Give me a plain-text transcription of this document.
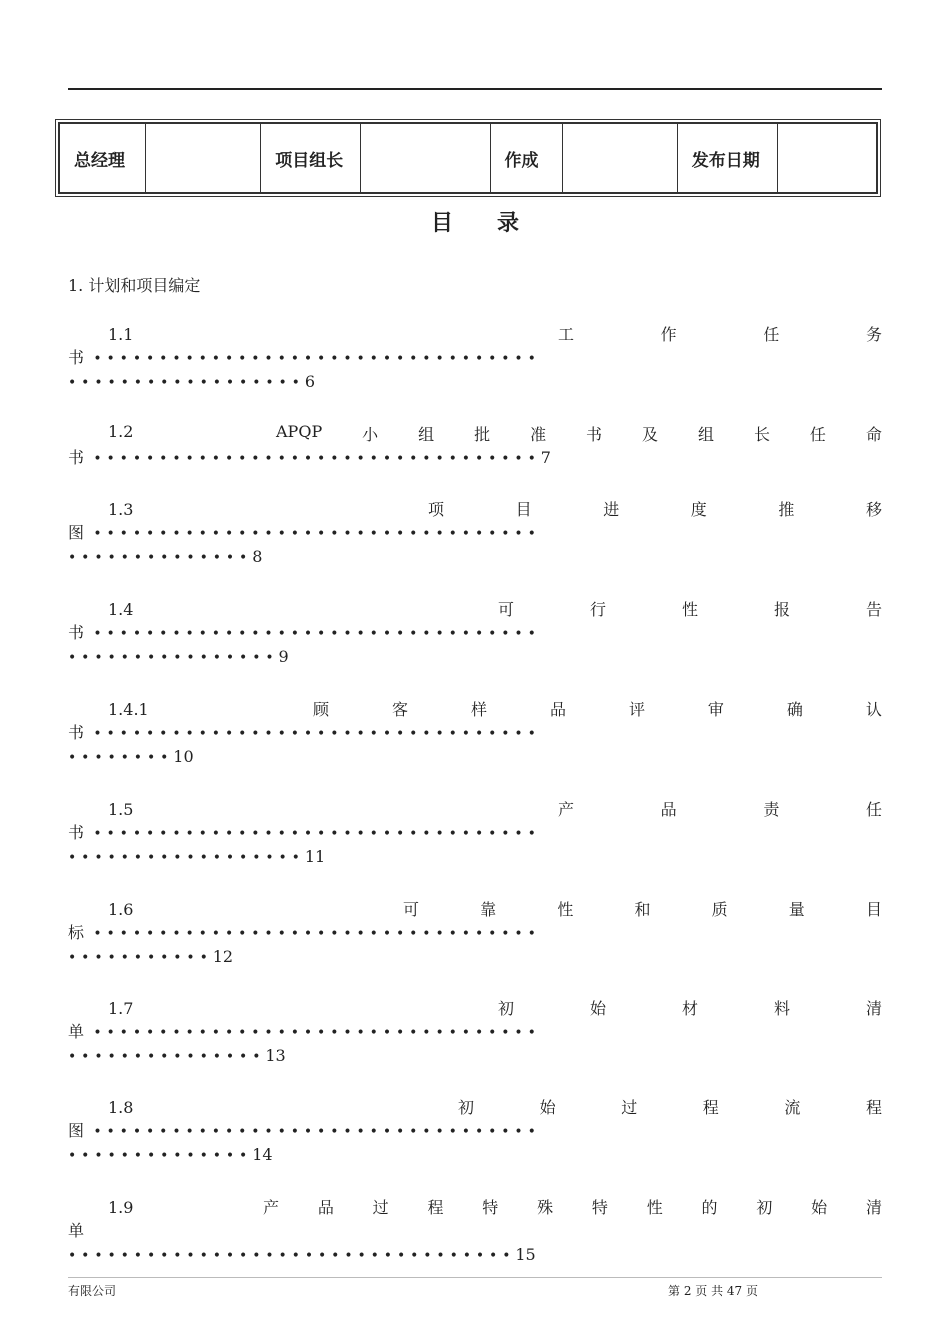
总经理		项目组长		作成		发布日期	
目录
1. 计划和项目编定
1.1	工	作	任	务
书 ••••••••••••••••••••••••••••••••••
••••••••••••••••••6
1.2	APQP 小 组 批 准 书 及 组 长 任 命
书 ••••••••••••••••••••••••••••••••••7
1.3	项	目	进	度	推	移
图 ••••••••••••••••••••••••••••••••••
••••••••••••••8
1.4	可	行	性	报	告
书 ••••••••••••••••••••••••••••••••••
••••••••••••••••9
1.4.1	顾	客	样	品	评	审	确	认
书 ••••••••••••••••••••••••••••••••••
••••••••10
1.5	产	品	责	任
书 ••••••••••••••••••••••••••••••••••
••••••••••••••••••11
1.6	可	靠	性	和	质	量	目
标 ••••••••••••••••••••••••••••••••••
•••••••••••12
1.7	初	始	材	料	清
单 ••••••••••••••••••••••••••••••••••
•••••••••••••••13
1.8	初	始	过	程	流	程
图 ••••••••••••••••••••••••••••••••••
••••••••••••••14
1.9	产 品 过 程 特 殊 特 性 的 初 始 清
单
••••••••••••••••••••••••••••••••••15
有限公司	第 2 页 共 47 页
